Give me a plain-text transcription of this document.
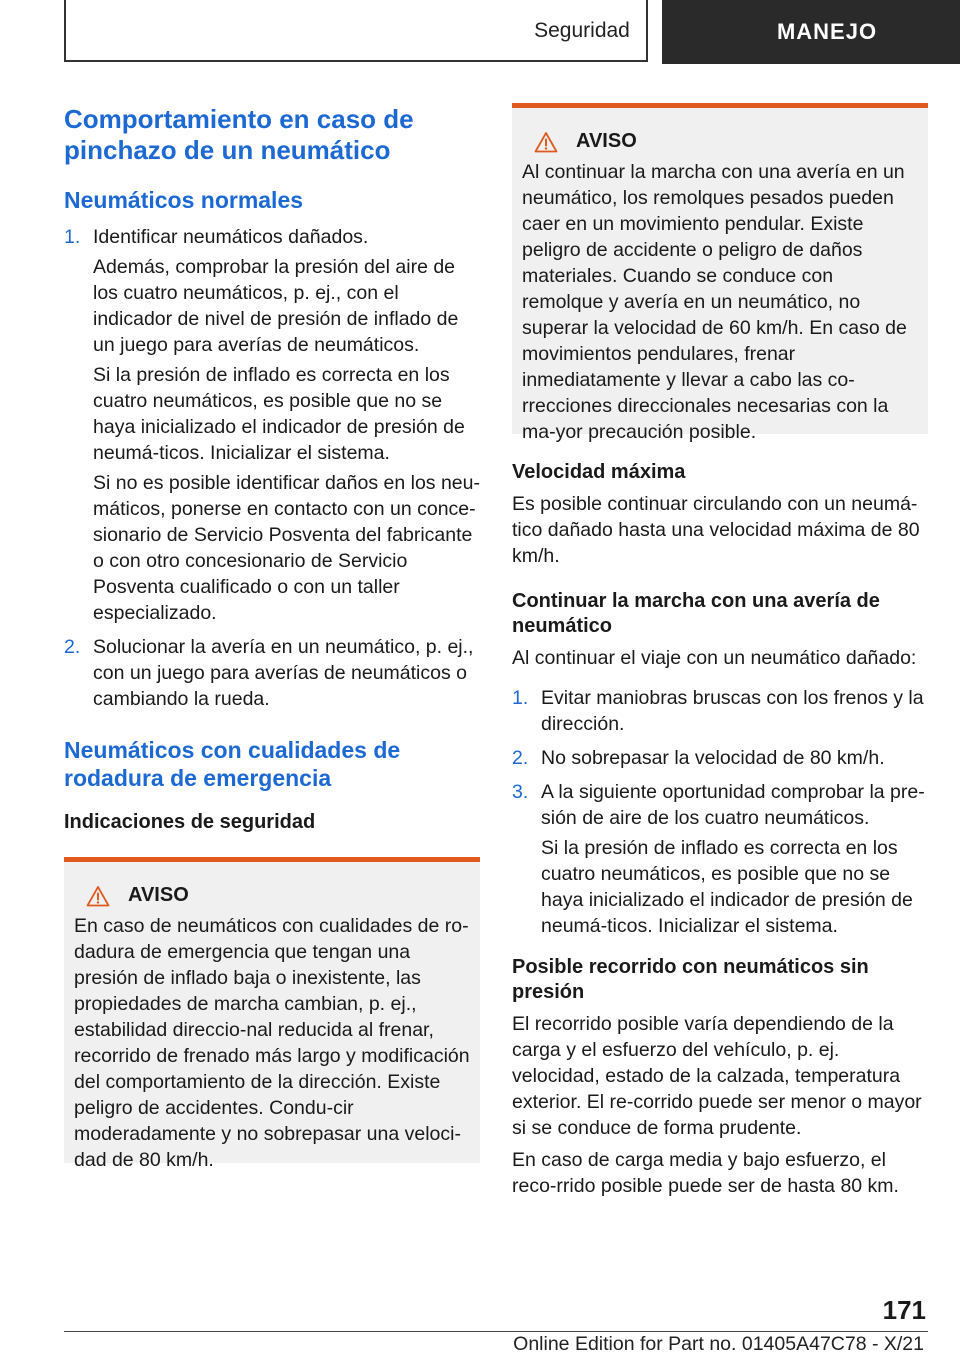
Seguridad	MANEJO
Comportamiento en caso de pinchazo de un neumático
Neumáticos normales
1. Identificar neumáticos dañados.

Además, comprobar la presión del aire de los cuatro neumáticos, p. ej., con el indicador de nivel de presión de inflado de un juego para averías de neumáticos.

Si la presión de inflado es correcta en los cuatro neumáticos, es posible que no se haya inicializado el indicador de presión de neumá‐ticos. Inicializar el sistema.

Si no es posible identificar daños en los neu‐máticos, ponerse en contacto con un conce‐sionario de Servicio Posventa del fabricante o con otro concesionario de Servicio Posventa cualificado o con un taller especializado.

2. Solucionar la avería en un neumático, p. ej., con un juego para averías de neumáticos o cambiando la rueda.
Neumáticos con cualidades de rodadura de emergencia
Indicaciones de seguridad
AVISO

En caso de neumáticos con cualidades de ro‐dadura de emergencia que tengan una presión de inflado baja o inexistente, las propiedades de marcha cambian, p. ej., estabilidad direccio‐nal reducida al frenar, recorrido de frenado más largo y modificación del comportamiento de la dirección. Existe peligro de accidentes. Condu‐cir moderadamente y no sobrepasar una veloci‐dad de 80 km/h.

AVISO

Al continuar la marcha con una avería en un neumático, los remolques pesados pueden caer en un movimiento pendular. Existe peligro de accidente o peligro de daños materiales. Cuando se conduce con remolque y avería en un neumático, no superar la velocidad de 60 km/h. En caso de movimientos pendulares, frenar inmediatamente y llevar a cabo las co‐rrecciones direccionales necesarias con la ma‐yor precaución posible.

Velocidad máxima

Es posible continuar circulando con un neumá‐tico dañado hasta una velocidad máxima de 80 km/h.

Continuar la marcha con una avería de neumático

Al continuar el viaje con un neumático dañado:

1. Evitar maniobras bruscas con los frenos y la dirección.
2. No sobrepasar la velocidad de 80 km/h.
3. A la siguiente oportunidad comprobar la pre‐sión de aire de los cuatro neumáticos.

Si la presión de inflado es correcta en los cuatro neumáticos, es posible que no se haya inicializado el indicador de presión de neumá‐ticos. Inicializar el sistema.

Posible recorrido con neumáticos sin presión

El recorrido posible varía dependiendo de la carga y el esfuerzo del vehículo, p. ej. velocidad, estado de la calzada, temperatura exterior. El re‐corrido puede ser menor o mayor si se conduce de forma prudente.

En caso de carga media y bajo esfuerzo, el reco‐rrido posible puede ser de hasta 80 km.

171
Online Edition for Part no. 01405A47C78 - X/21
